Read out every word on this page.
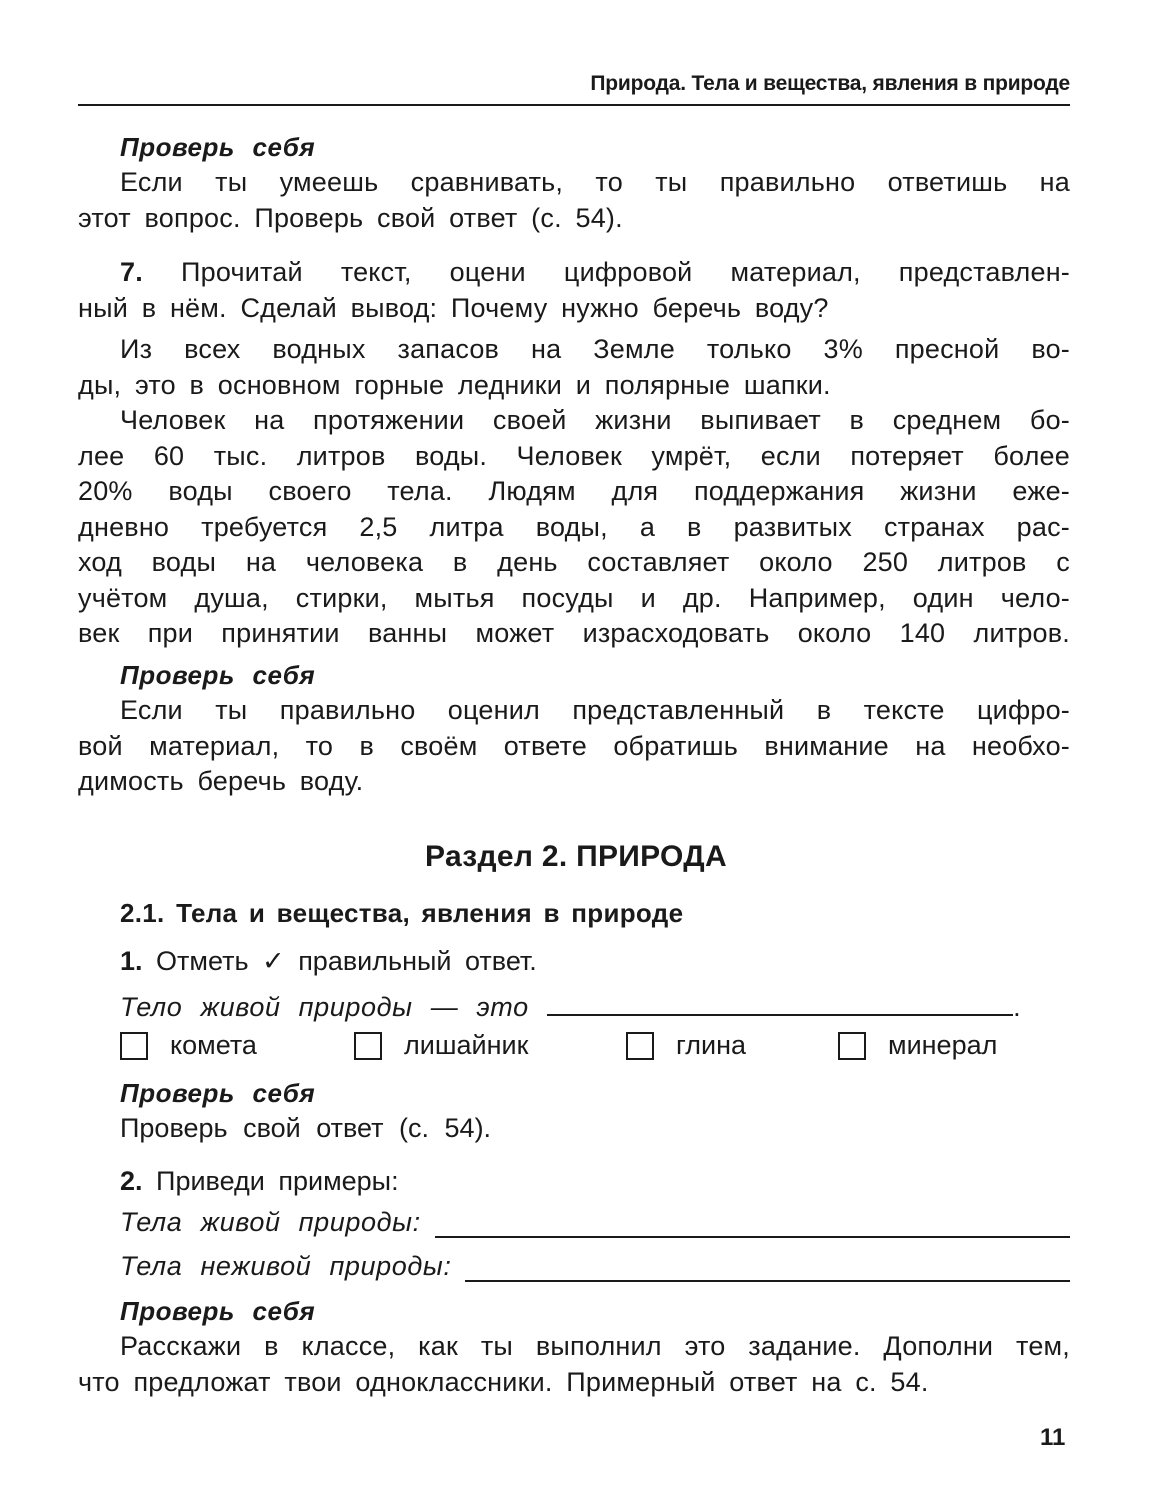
Природа. Тела и вещества, явления в природе
Проверь себя
Если ты умеешь сравнивать, то ты правильно ответишь на
этот вопрос. Проверь свой ответ (с. 54).
7. Прочитай текст, оцени цифровой материал, представлен-
ный в нём. Сделай вывод: Почему нужно беречь воду?
Из всех водных запасов на Земле только 3% пресной во-
ды, это в основном горные ледники и полярные шапки.
Человек на протяжении своей жизни выпивает в среднем бо-
лее 60 тыс. литров воды. Человек умрёт, если потеряет более
20% воды своего тела. Людям для поддержания жизни еже-
дневно требуется 2,5 литра воды, а в развитых странах рас-
ход воды на человека в день составляет около 250 литров с
учётом душа, стирки, мытья посуды и др. Например, один чело-
век при принятии ванны может израсходовать около 140 литров.
Проверь себя
Если ты правильно оценил представленный в тексте цифро-
вой материал, то в своём ответе обратишь внимание на необхо-
димость беречь воду.
Раздел 2. ПРИРОДА
2.1. Тела и вещества, явления в природе
1. Отметь ✓ правильный ответ.
Тело живой природы — это	.
комета	лишайник	глина	минерал
Проверь себя
Проверь свой ответ (с. 54).
2. Приведи примеры:
Тела живой природы:
Тела неживой природы:
Проверь себя
Расскажи в классе, как ты выполнил это задание. Дополни тем,
что предложат твои одноклассники. Примерный ответ на с. 54.
11
